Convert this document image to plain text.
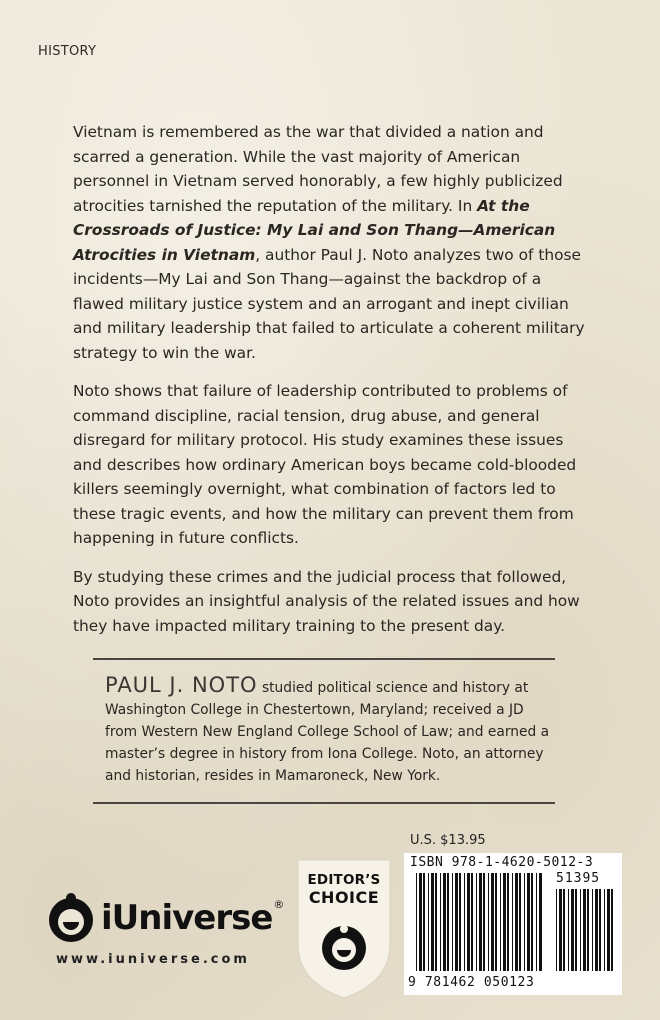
HISTORY

Vietnam is remembered as the war that divided a nation and scarred a generation. While the vast majority of American personnel in Vietnam served honorably, a few highly publicized atrocities tarnished the reputation of the military. In At the Crossroads of Justice: My Lai and Son Thang—American Atrocities in Vietnam, author Paul J. Noto analyzes two of those incidents—My Lai and Son Thang—against the backdrop of a flawed military justice system and an arrogant and inept civilian and military leadership that failed to articulate a coherent military strategy to win the war.

Noto shows that failure of leadership contributed to problems of command discipline, racial tension, drug abuse, and general disregard for military protocol. His study examines these issues and describes how ordinary American boys became cold-blooded killers seemingly overnight, what combination of factors led to these tragic events, and how the military can prevent them from happening in future conflicts.

By studying these crimes and the judicial process that followed, Noto provides an insightful analysis of the related issues and how they have impacted military training to the present day.

PAUL J. NOTO studied political science and history at Washington College in Chestertown, Maryland; received a JD from Western New England College School of Law; and earned a master’s degree in history from Iona College. Noto, an attorney and historian, resides in Mamaroneck, New York.
iUniverse®
www.iuniverse.com
EDITOR’S
CHOICE
U.S. $13.95
ISBN 978-1-4620-5012-3
51395
9 781462 050123
